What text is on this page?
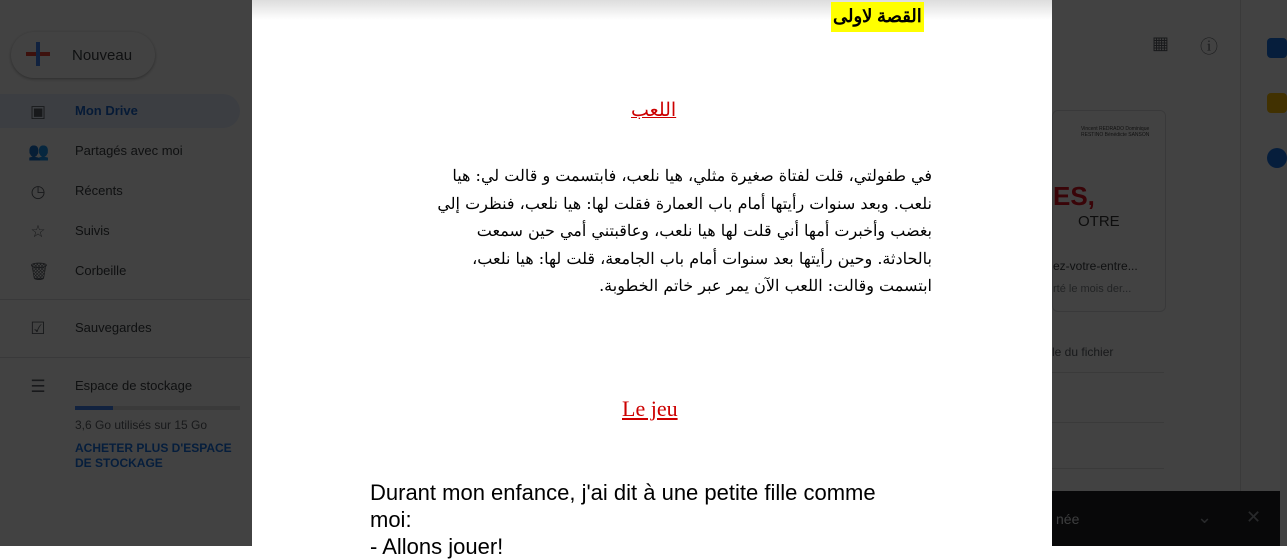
القصة لاولى
اللعب
في طفولتي، قلت لفتاة صغيرة مثلي، هيا نلعب، فابتسمت و قالت لي: هيا
نلعب. وبعد سنوات رأيتها أمام باب العمارة فقلت لها: هيا نلعب، فنظرت إلي
بغضب وأخبرت أمها أني قلت لها هيا نلعب، وعاقبتني أمي حين سمعت
بالحادثة. وحين رأيتها بعد سنوات أمام باب الجامعة، قلت لها: هيا نلعب،
ابتسمت وقالت: اللعب الآن يمر عبر خاتم الخطوبة.
Le jeu
Durant mon enfance, j'ai dit à une petite fille comme
moi:
- Allons jouer!
